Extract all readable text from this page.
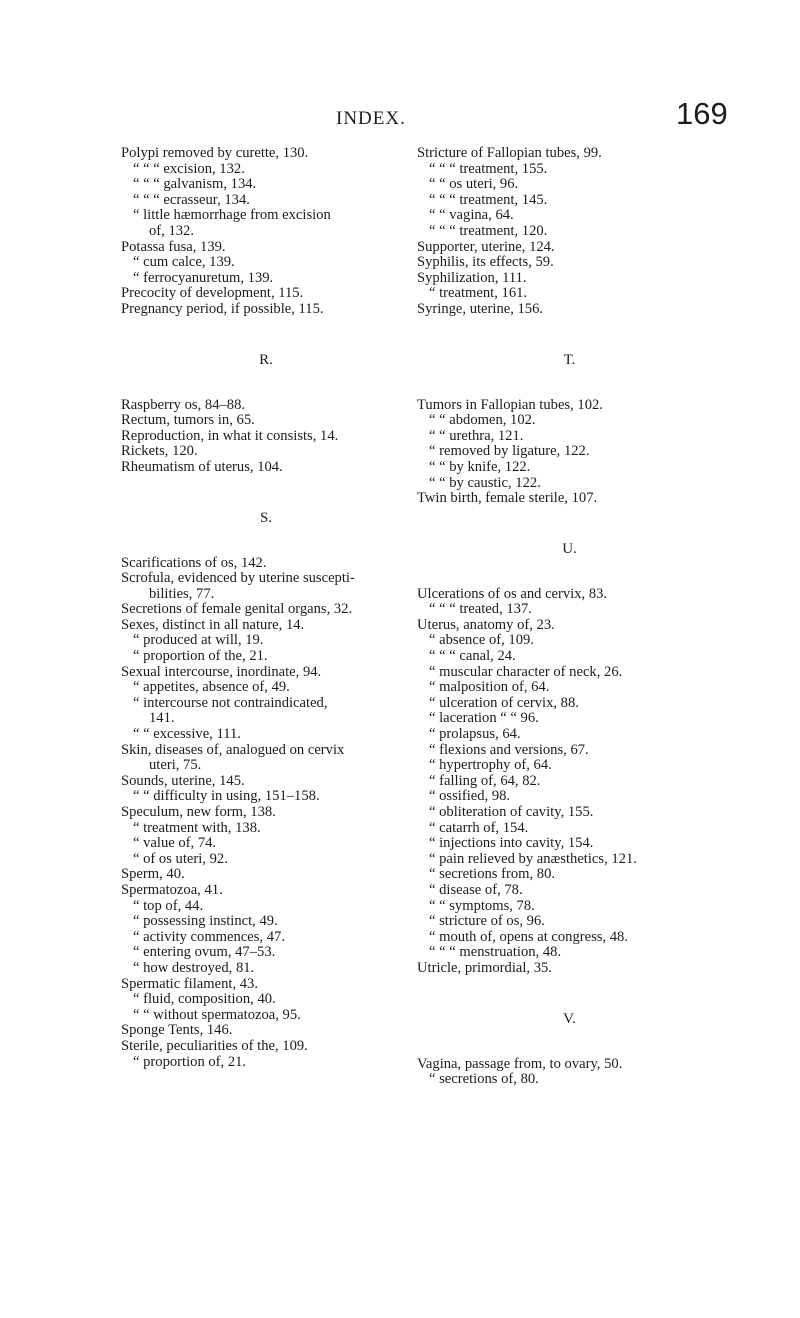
INDEX.	169
Polypi removed by curette, 130.
“ “ “ excision, 132.
“ “ “ galvanism, 134.
“ “ “ ecrasseur, 134.
“ little hæmorrhage from excision
of, 132.
Potassa fusa, 139.
“ cum calce, 139.
“ ferrocyanuretum, 139.
Precocity of development, 115.
Pregnancy period, if possible, 115.
R.
Raspberry os, 84–88.
Rectum, tumors in, 65.
Reproduction, in what it consists, 14.
Rickets, 120.
Rheumatism of uterus, 104.
S.
Scarifications of os, 142.
Scrofula, evidenced by uterine suscepti-
bilities, 77.
Secretions of female genital organs, 32.
Sexes, distinct in all nature, 14.
“ produced at will, 19.
“ proportion of the, 21.
Sexual intercourse, inordinate, 94.
“ appetites, absence of, 49.
“ intercourse not contraindicated,
141.
“ “ excessive, 111.
Skin, diseases of, analogued on cervix
uteri, 75.
Sounds, uterine, 145.
“ “ difficulty in using, 151–158.
Speculum, new form, 138.
“ treatment with, 138.
“ value of, 74.
“ of os uteri, 92.
Sperm, 40.
Spermatozoa, 41.
“ top of, 44.
“ possessing instinct, 49.
“ activity commences, 47.
“ entering ovum, 47–53.
“ how destroyed, 81.
Spermatic filament, 43.
“ fluid, composition, 40.
“ “ without spermatozoa, 95.
Sponge Tents, 146.
Sterile, peculiarities of the, 109.
“ proportion of, 21.
Stricture of Fallopian tubes, 99.
“ “ “ treatment, 155.
“ “ os uteri, 96.
“ “ “ treatment, 145.
“ “ vagina, 64.
“ “ “ treatment, 120.
Supporter, uterine, 124.
Syphilis, its effects, 59.
Syphilization, 111.
“ treatment, 161.
Syringe, uterine, 156.
T.
Tumors in Fallopian tubes, 102.
“ “ abdomen, 102.
“ “ urethra, 121.
“ removed by ligature, 122.
“ “ by knife, 122.
“ “ by caustic, 122.
Twin birth, female sterile, 107.
U.
Ulcerations of os and cervix, 83.
“ “ “ treated, 137.
Uterus, anatomy of, 23.
“ absence of, 109.
“ “ “ canal, 24.
“ muscular character of neck, 26.
“ malposition of, 64.
“ ulceration of cervix, 88.
“ laceration “ “ 96.
“ prolapsus, 64.
“ flexions and versions, 67.
“ hypertrophy of, 64.
“ falling of, 64, 82.
“ ossified, 98.
“ obliteration of cavity, 155.
“ catarrh of, 154.
“ injections into cavity, 154.
“ pain relieved by anæsthetics, 121.
“ secretions from, 80.
“ disease of, 78.
“ “ symptoms, 78.
“ stricture of os, 96.
“ mouth of, opens at congress, 48.
“ “ “ menstruation, 48.
Utricle, primordial, 35.
V.
Vagina, passage from, to ovary, 50.
“ secretions of, 80.
